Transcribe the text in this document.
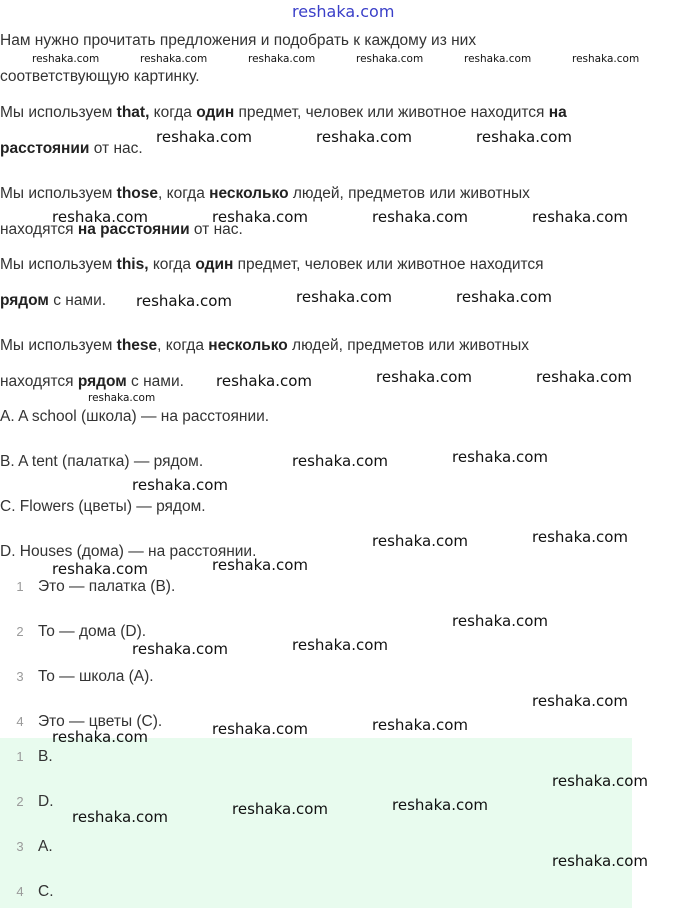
reshaka.com
Нам нужно прочитать предложения и подобрать к каждому из них
соответствующую картинку.
Мы используем that, когда один предмет, человек или животное находится на
расстоянии от нас.
Мы используем those, когда несколько людей, предметов или животных
находятся на расстоянии от нас.
Мы используем this, когда один предмет, человек или животное находится
рядом с нами.
Мы используем these, когда несколько людей, предметов или животных
находятся рядом с нами.
A. A school (школа) — на расстоянии.
B. A tent (палатка) — рядом.
C. Flowers (цветы) — рядом.
D. Houses (дома) — на расстоянии.
1 Это — палатка (B).
2 То — дома (D).
3 То — школа (A).
4 Это — цветы (C).
1 B.
2 D.
3 A.
4 C.
reshaka.com	reshaka.com	reshaka.com	reshaka.com	reshaka.com	reshaka.com
reshaka.com
reshaka.com	reshaka.com	reshaka.com
reshaka.com	reshaka.com	reshaka.com	reshaka.com
reshaka.com	reshaka.com	reshaka.com
reshaka.com	reshaka.com	reshaka.com
reshaka.com	reshaka.com
reshaka.com
reshaka.com	reshaka.com
reshaka.com
reshaka.com
reshaka.com
reshaka.com
reshaka.com
reshaka.com
reshaka.com
reshaka.com
reshaka.com
reshaka.com
reshaka.com
reshaka.com
reshaka.com
reshaka.com
